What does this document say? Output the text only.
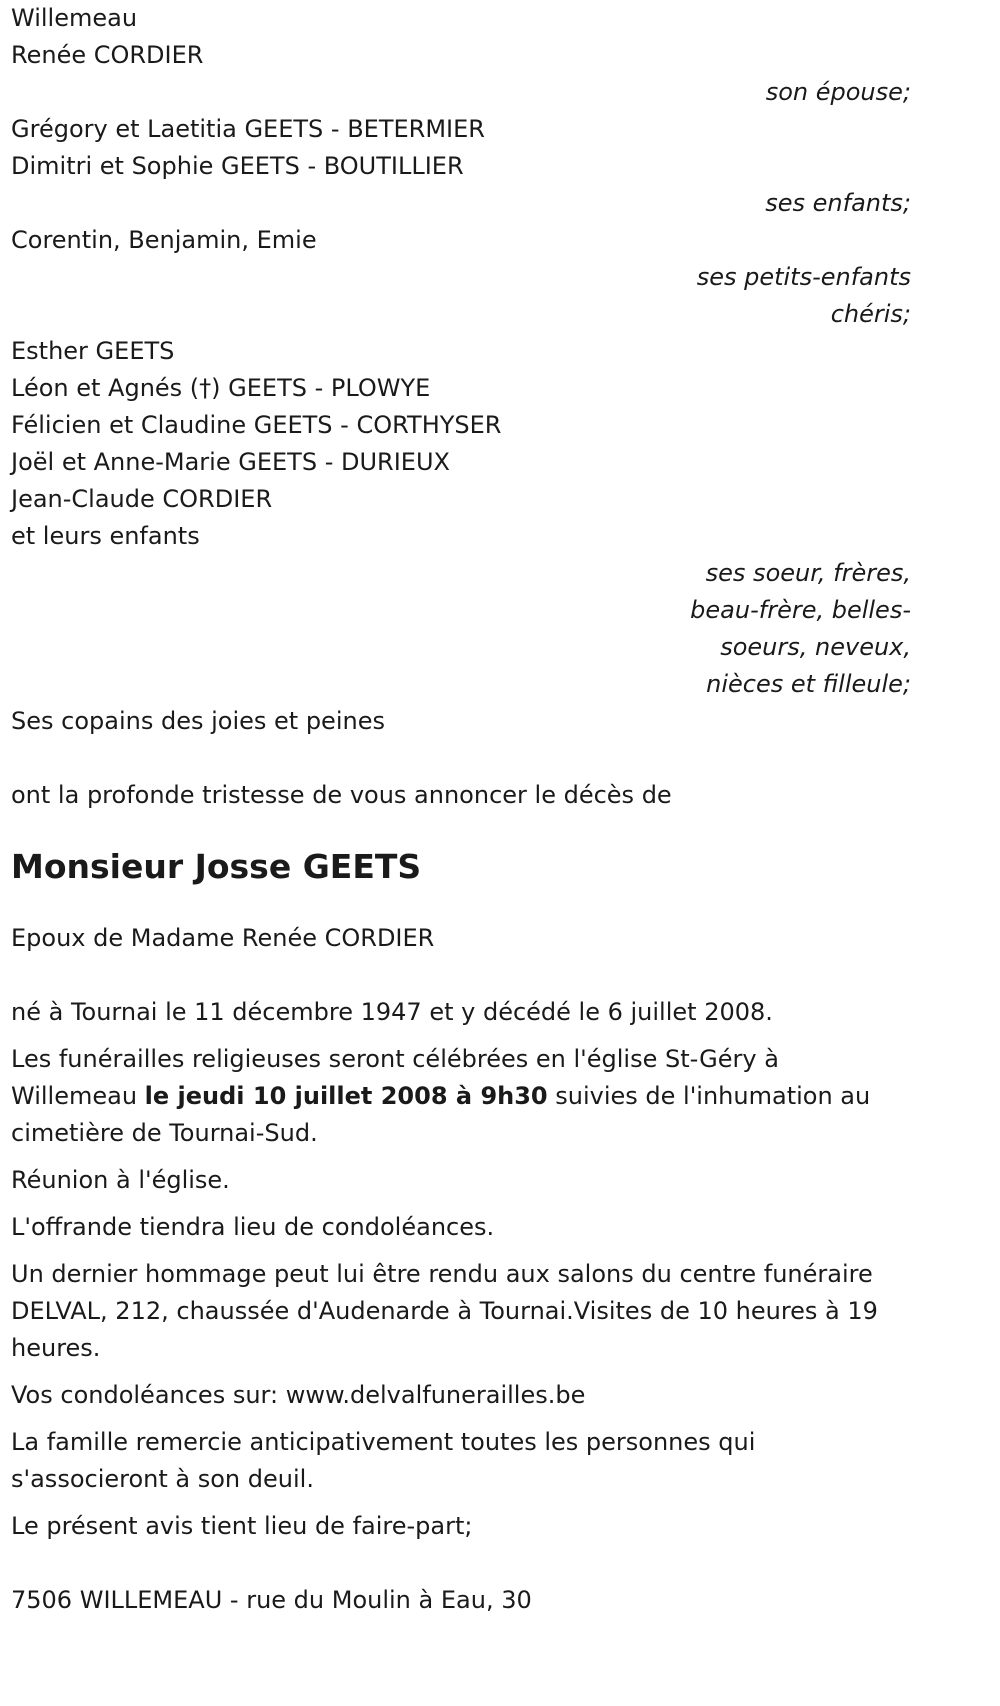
Willemeau
Renée CORDIER
son épouse;
Grégory et Laetitia GEETS - BETERMIER
Dimitri et Sophie GEETS - BOUTILLIER
ses enfants;
Corentin, Benjamin, Emie
ses petits-enfants
chéris;
Esther GEETS
Léon et Agnés (†) GEETS - PLOWYE
Félicien et Claudine GEETS - CORTHYSER
Joël et Anne-Marie GEETS - DURIEUX
Jean-Claude CORDIER
et leurs enfants
ses soeur, frères,
beau-frère, belles-
soeurs, neveux,
nièces et filleule;
Ses copains des joies et peines
ont la profonde tristesse de vous annoncer le décès de
Monsieur Josse GEETS
Epoux de Madame Renée CORDIER

né à Tournai le 11 décembre 1947 et y décédé le 6 juillet 2008.

Les funérailles religieuses seront célébrées en l'église St-Géry à Willemeau le jeudi 10 juillet 2008 à 9h30 suivies de l'inhumation au cimetière de Tournai-Sud.

Réunion à l'église.

L'offrande tiendra lieu de condoléances.

Un dernier hommage peut lui être rendu aux salons du centre funéraire DELVAL, 212, chaussée d'Audenarde à Tournai.Visites de 10 heures à 19 heures.

Vos condoléances sur: www.delvalfunerailles.be

La famille remercie anticipativement toutes les personnes qui s'associeront à son deuil.

Le présent avis tient lieu de faire-part;

7506 WILLEMEAU - rue du Moulin à Eau, 30
